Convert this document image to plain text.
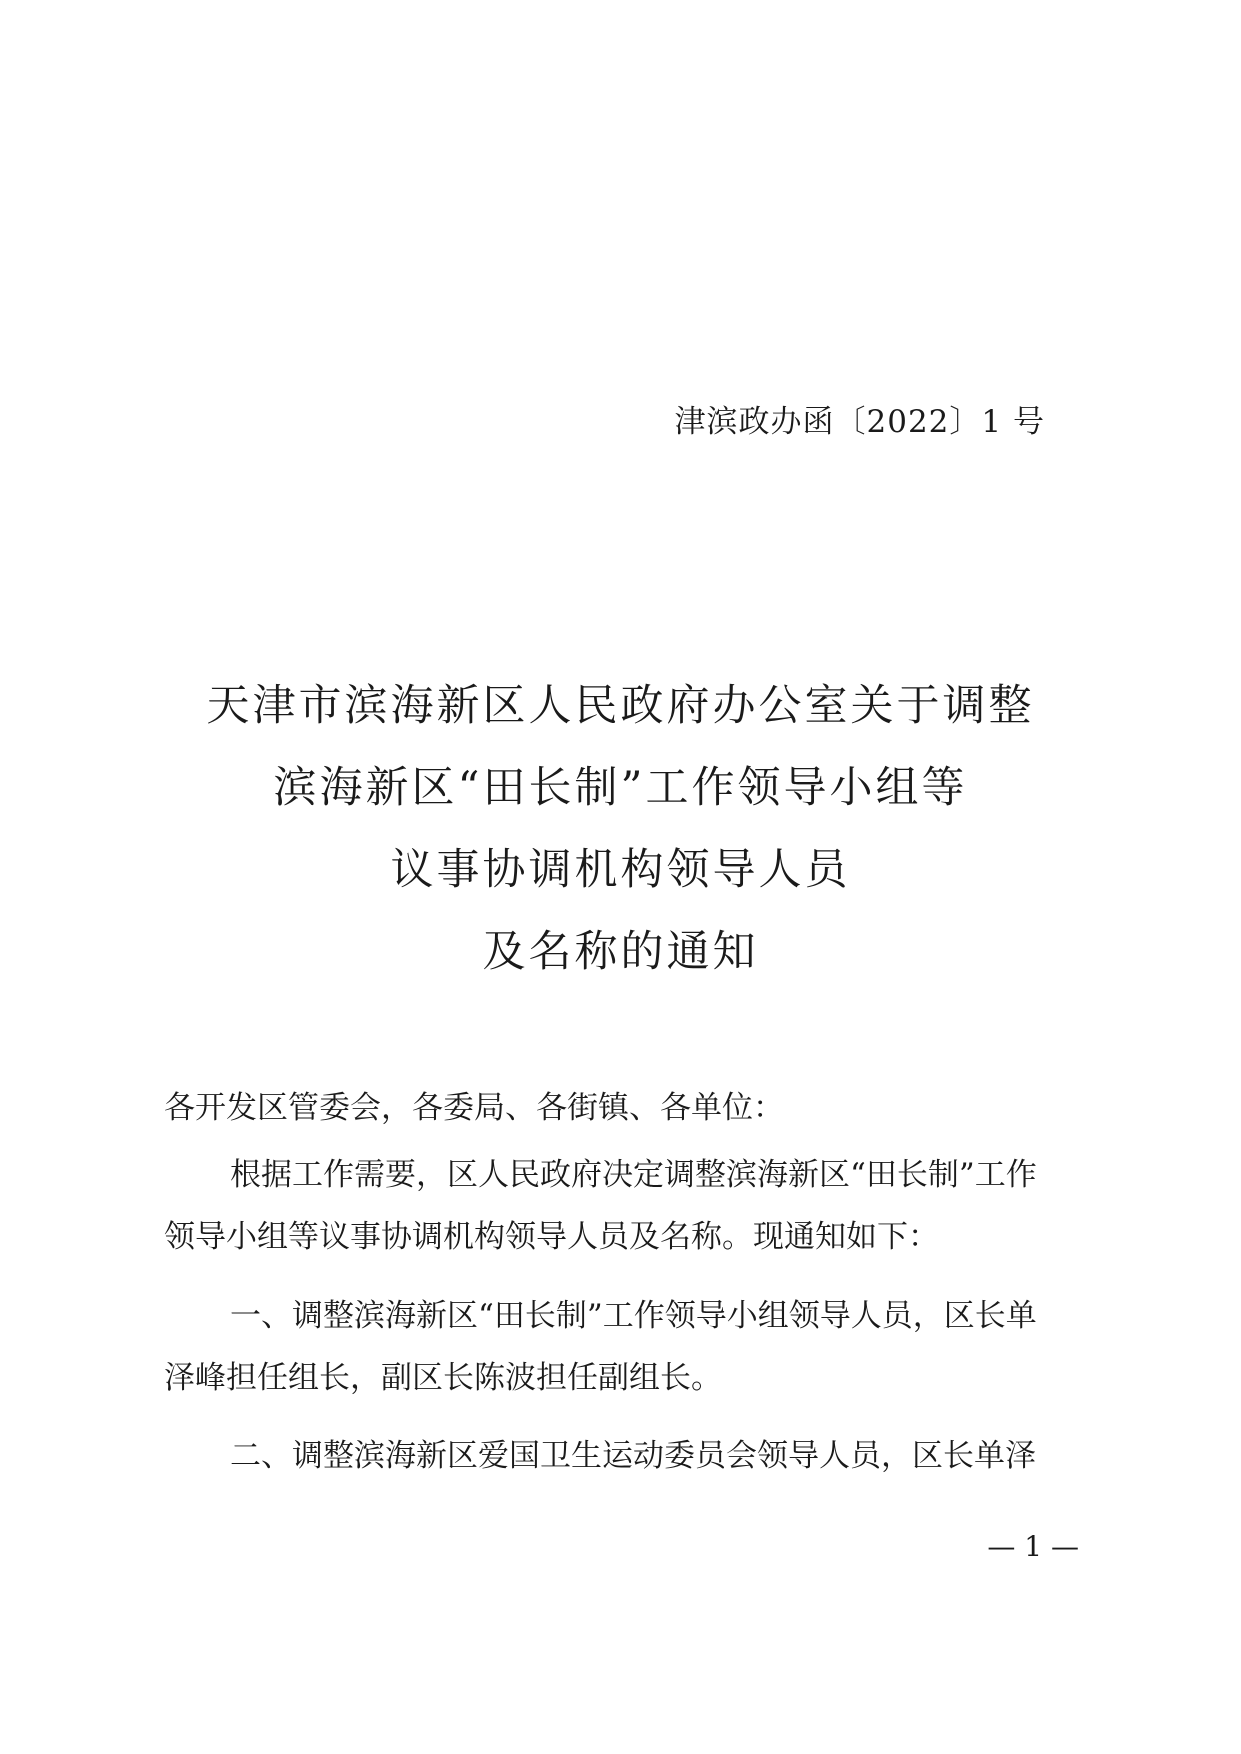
津滨政办函〔2022〕1 号
天津市滨海新区人民政府办公室关于调整
滨海新区“田长制”工作领导小组等
议事协调机构领导人员
及名称的通知
各开发区管委会，各委局、各街镇、各单位：
根据工作需要，区人民政府决定调整滨海新区“田长制”工作
领导小组等议事协调机构领导人员及名称。现通知如下：
一、调整滨海新区“田长制”工作领导小组领导人员，区长单
泽峰担任组长，副区长陈波担任副组长。
二、调整滨海新区爱国卫生运动委员会领导人员，区长单泽
— 1 —
